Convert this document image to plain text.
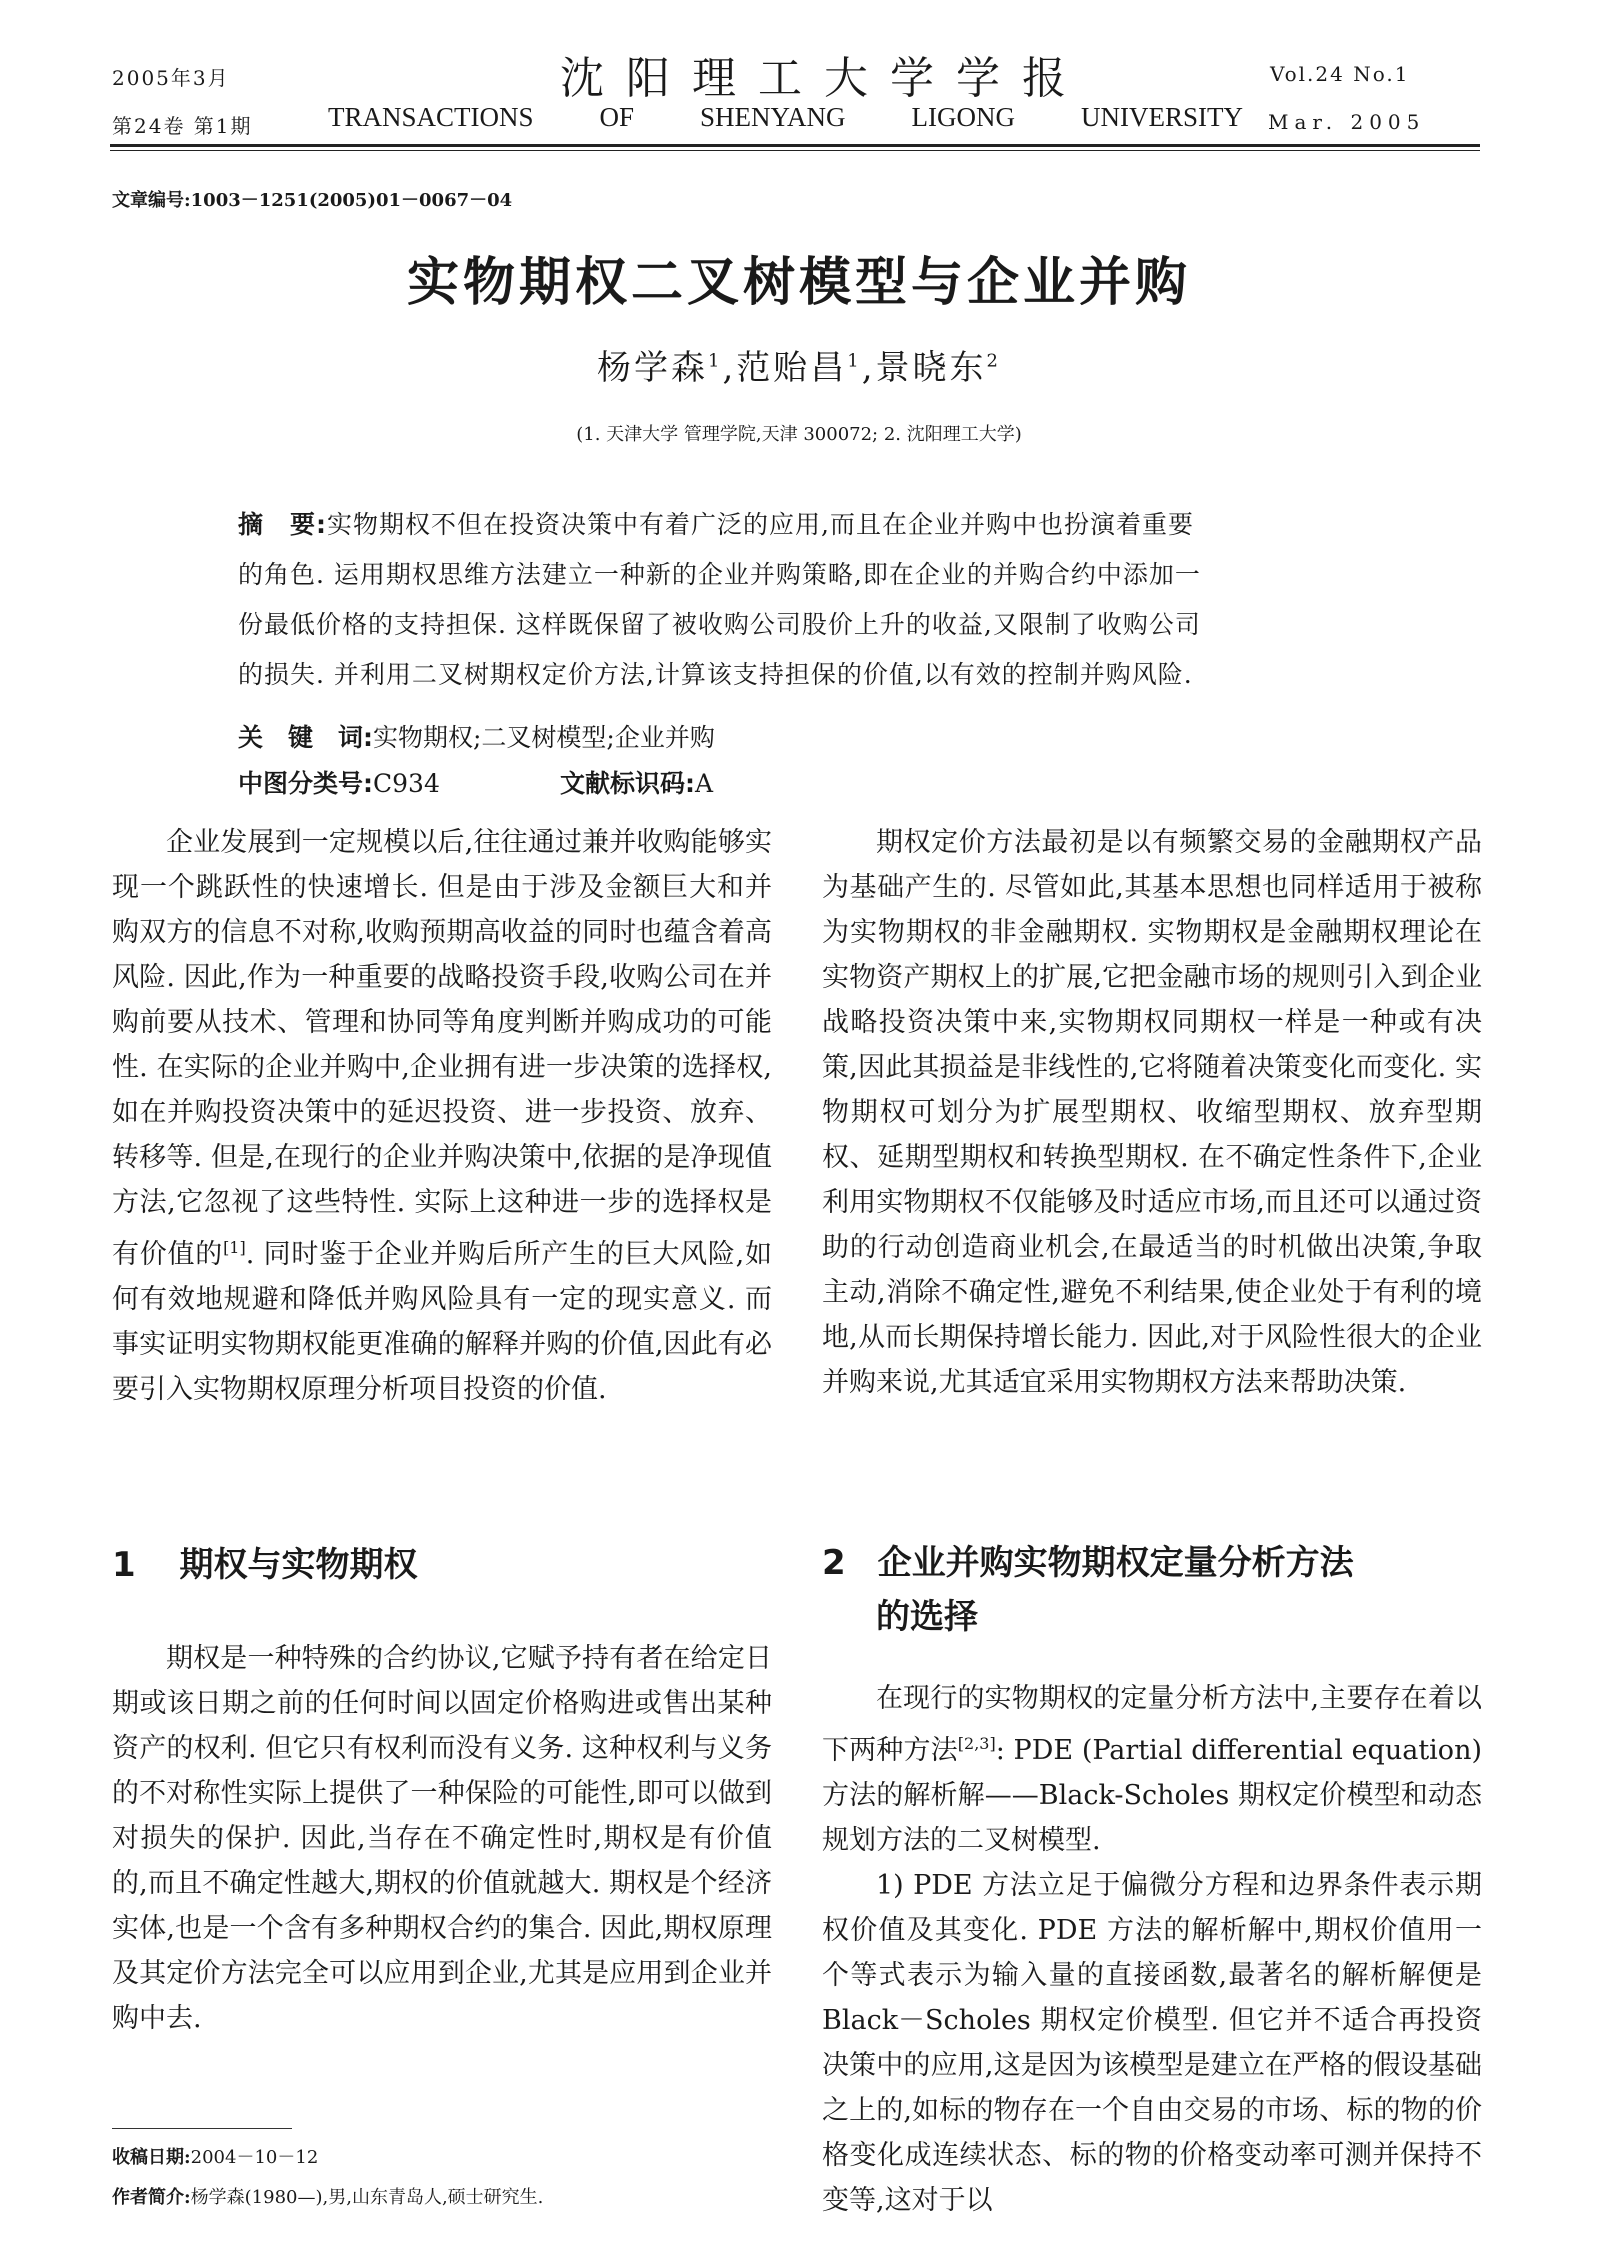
2005年3月
第24卷 第1期
沈阳理工大学学报
TRANSACTIONS OF SHENYANG LIGONG UNIVERSITY
Vol.24 No.1
Mar. 2005
文章编号:1003－1251(2005)01－0067－04
实物期权二叉树模型与企业并购
杨学森$^1$,范贻昌$^1$,景晓东$^2$
(1. 天津大学 管理学院,天津 300072; 2. 沈阳理工大学)
摘　要:实物期权不但在投资决策中有着广泛的应用,而且在企业并购中也扮演着重要
的角色. 运用期权思维方法建立一种新的企业并购策略,即在企业的并购合约中添加一
份最低价格的支持担保. 这样既保留了被收购公司股价上升的收益,又限制了收购公司
的损失. 并利用二叉树期权定价方法,计算该支持担保的价值,以有效的控制并购风险.
关　键　词:实物期权;二叉树模型;企业并购
中图分类号:C934	文献标识码:A

企业发展到一定规模以后,往往通过兼并收购能够实现一个跳跃性的快速增长. 但是由于涉及金额巨大和并购双方的信息不对称,收购预期高收益的同时也蕴含着高风险. 因此,作为一种重要的战略投资手段,收购公司在并购前要从技术、管理和协同等角度判断并购成功的可能性. 在实际的企业并购中,企业拥有进一步决策的选择权,如在并购投资决策中的延迟投资、进一步投资、放弃、转移等. 但是,在现行的企业并购决策中,依据的是净现值方法,它忽视了这些特性. 实际上这种进一步的选择权是有价值的[1]. 同时鉴于企业并购后所产生的巨大风险,如何有效地规避和降低并购风险具有一定的现实意义. 而事实证明实物期权能更准确的解释并购的价值,因此有必要引入实物期权原理分析项目投资的价值.

1 期权与实物期权

期权是一种特殊的合约协议,它赋予持有者在给定日期或该日期之前的任何时间以固定价格购进或售出某种资产的权利. 但它只有权利而没有义务. 这种权利与义务的不对称性实际上提供了一种保险的可能性,即可以做到对损失的保护. 因此,当存在不确定性时,期权是有价值的,而且不确定性越大,期权的价值就越大. 期权是个经济实体,也是一个含有多种期权合约的集合. 因此,期权原理及其定价方法完全可以应用到企业,尤其是应用到企业并购中去.

收稿日期:2004－10－12
作者简介:杨学森(1980—),男,山东青岛人,硕士研究生.

期权定价方法最初是以有频繁交易的金融期权产品为基础产生的. 尽管如此,其基本思想也同样适用于被称为实物期权的非金融期权. 实物期权是金融期权理论在实物资产期权上的扩展,它把金融市场的规则引入到企业战略投资决策中来,实物期权同期权一样是一种或有决策,因此其损益是非线性的,它将随着决策变化而变化. 实物期权可划分为扩展型期权、收缩型期权、放弃型期权、延期型期权和转换型期权. 在不确定性条件下,企业利用实物期权不仅能够及时适应市场,而且还可以通过资助的行动创造商业机会,在最适当的时机做出决策,争取主动,消除不确定性,避免不利结果,使企业处于有利的境地,从而长期保持增长能力. 因此,对于风险性很大的企业并购来说,尤其适宜采用实物期权方法来帮助决策.

2 企业并购实物期权定量分析方法
的选择

在现行的实物期权的定量分析方法中,主要存在着以下两种方法[2,3]: PDE (Partial differential equation)方法的解析解——Black-Scholes 期权定价模型和动态规划方法的二叉树模型.

1) PDE 方法立足于偏微分方程和边界条件表示期权价值及其变化. PDE 方法的解析解中,期权价值用一个等式表示为输入量的直接函数,最著名的解析解便是 Black－Scholes 期权定价模型. 但它并不适合再投资决策中的应用,这是因为该模型是建立在严格的假设基础之上的,如标的物存在一个自由交易的市场、标的物的价格变化成连续状态、标的物的价格变动率可测并保持不变等,这对于以
